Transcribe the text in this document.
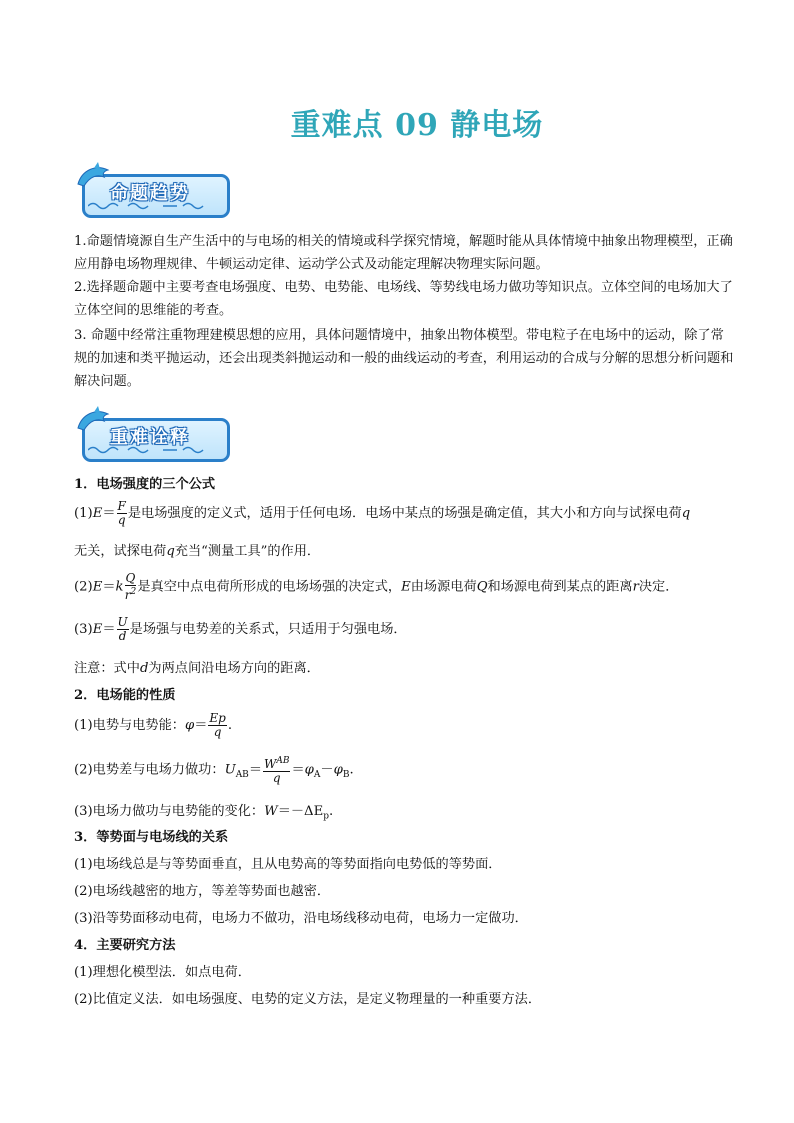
重难点 09 静电场
命题趋势
1.命题情境源自生产生活中的与电场的相关的情境或科学探究情境，解题时能从具体情境中抽象出物理模型，正确应用静电场物理规律、牛顿运动定律、运动学公式及动能定理解决物理实际问题。
2.选择题命题中主要考查电场强度、电势、电势能、电场线、等势线电场力做功等知识点。立体空间的电场加大了立体空间的思维能的考查。
3. 命题中经常注重物理建模思想的应用，具体问题情境中，抽象出物体模型。带电粒子在电场中的运动，除了常规的加速和类平抛运动，还会出现类斜抛运动和一般的曲线运动的考查，利用运动的合成与分解的思想分析问题和解决问题。
重难诠释
1．电场强度的三个公式
$(1)E= \frac{F}{q}$ 是电场强度的定义式，适用于任何电场．电场中某点的场强是确定值，其大小和方向与试探电荷q
无关，试探电荷q充当“测量工具”的作用．
$(2)E=k \frac{Q}{r^2}$ 是真空中点电荷所形成的电场场强的决定式，E由场源电荷Q和场源电荷到某点的距离r决定．
$(3)E= \frac{U}{d}$ 是场强与电势差的关系式，只适用于匀强电场．
注意：式中d为两点间沿电场方向的距离．
2．电场能的性质
(1)电势与电势能：$\varphi= \frac{Ep}{q}$ .
(2)电势差与电场力做功：$U_{AB}= \frac{W^{AB}}{q} =\varphi_A-\varphi_B$.
(3)电场力做功与电势能的变化：$W=-\Delta E_p$.
3．等势面与电场线的关系
(1)电场线总是与等势面垂直，且从电势高的等势面指向电势低的等势面．
(2)电场线越密的地方，等差等势面也越密．
(3)沿等势面移动电荷，电场力不做功，沿电场线移动电荷，电场力一定做功．
4．主要研究方法
(1)理想化模型法．如点电荷．
(2)比值定义法．如电场强度、电势的定义方法，是定义物理量的一种重要方法．
